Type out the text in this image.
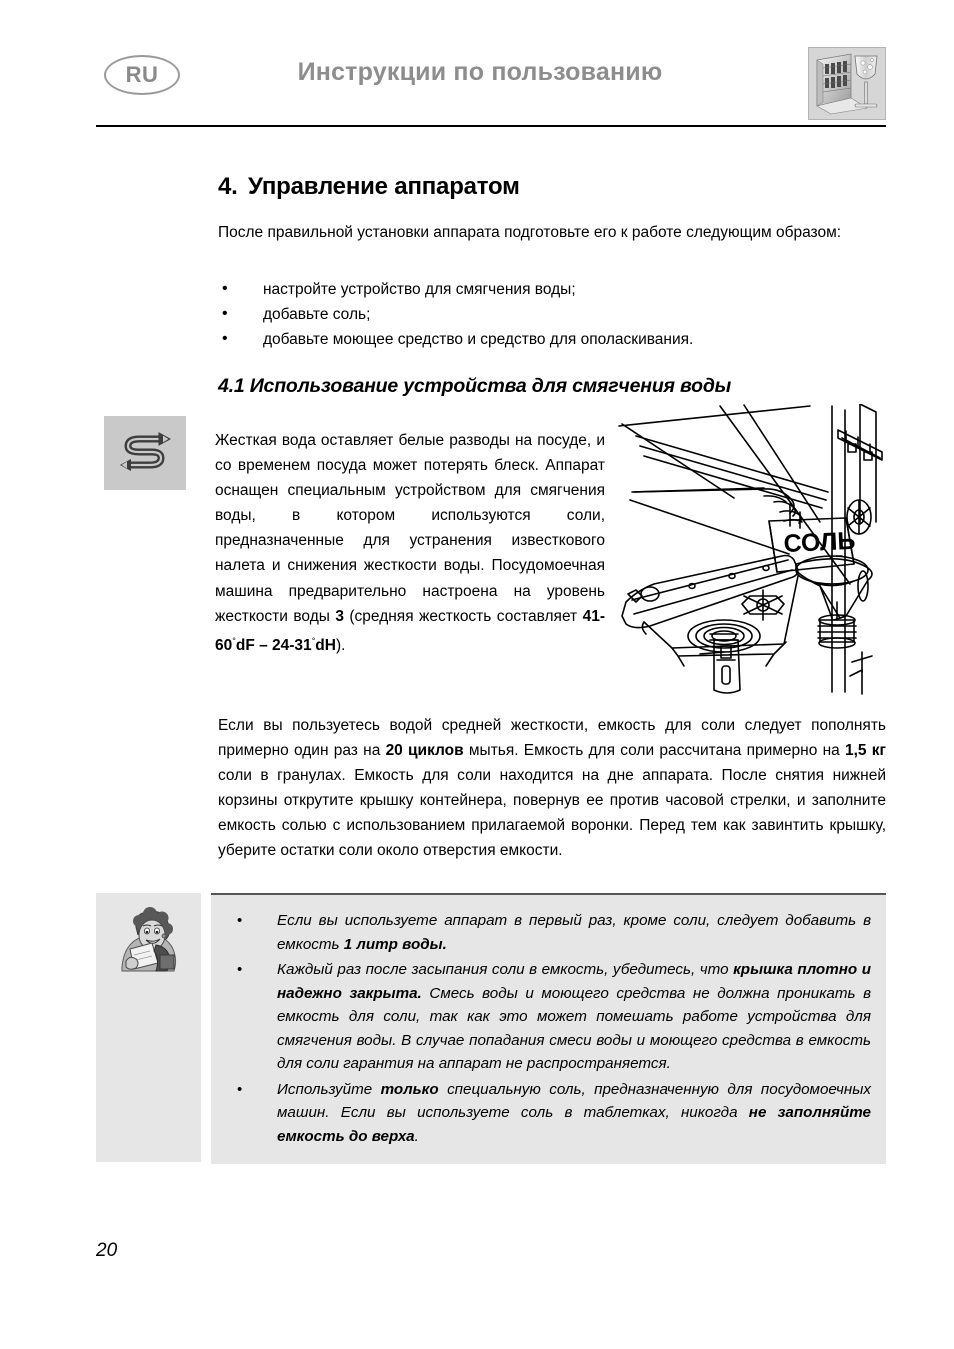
RU	Инструкции по пользованию
4. Управление аппаратом
После правильной установки аппарата подготовьте его к работе следующим образом:
• настройте устройство для смягчения воды;
• добавьте соль;
• добавьте моющее средство и средство для ополаскивания.
4.1 Использование устройства для смягчения воды
Жесткая вода оставляет белые разводы на посуде, и со временем посуда может потерять блеск. Аппарат оснащен специальным устройством для смягчения воды, в котором используются соли, предназначенные для устранения известкового налета и снижения жесткости воды. Посудомоечная машина предварительно настроена на уровень жесткости воды 3 (средняя жесткость составляет 41-60°dF – 24-31°dH).
СОЛЬ
Если вы пользуетесь водой средней жесткости, емкость для соли следует пополнять примерно один раз на 20 циклов мытья. Емкость для соли рассчитана примерно на 1,5 кг соли в гранулах. Емкость для соли находится на дне аппарата. После снятия нижней корзины открутите крышку контейнера, повернув ее против часовой стрелки, и заполните емкость солью с использованием прилагаемой воронки. Перед тем как завинтить крышку, уберите остатки соли около отверстия емкости.
• Если вы используете аппарат в первый раз, кроме соли, следует добавить в емкость 1 литр воды.
• Каждый раз после засыпания соли в емкость, убедитесь, что крышка плотно и надежно закрыта. Смесь воды и моющего средства не должна проникать в емкость для соли, так как это может помешать работе устройства для смягчения воды. В случае попадания смеси воды и моющего средства в емкость для соли гарантия на аппарат не распространяется.
• Используйте только специальную соль, предназначенную для посудомоечных машин. Если вы используете соль в таблетках, никогда не заполняйте емкость до верха.
20
